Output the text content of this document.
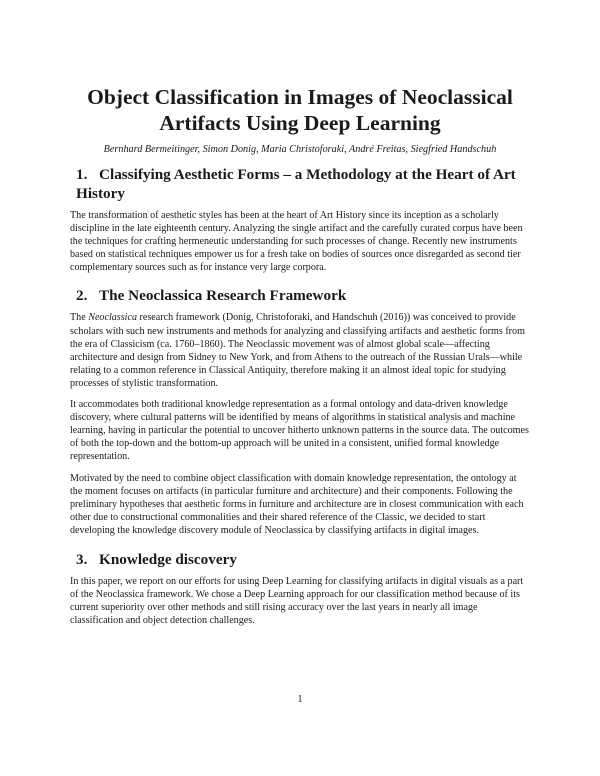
Object Classification in Images of Neoclassical Artifacts Using Deep Learning
Bernhard Bermeitinger, Simon Donig, Maria Christoforaki, André Freitas, Siegfried Handschuh
1. Classifying Aesthetic Forms – a Methodology at the Heart of Art History

The transformation of aesthetic styles has been at the heart of Art History since its inception as a scholarly discipline in the late eighteenth century. Analyzing the single artifact and the carefully curated corpus have been the techniques for crafting hermeneutic understanding for such processes of change. Recently new instruments based on statistical techniques empower us for a fresh take on bodies of sources once disregarded as second tier complementary sources such as for instance very large corpora.

2. The Neoclassica Research Framework

The Neoclassica research framework (Donig, Christoforaki, and Handschuh (2016)) was conceived to provide scholars with such new instruments and methods for analyzing and classifying artifacts and aesthetic forms from the era of Classicism (ca. 1760–1860). The Neoclassic movement was of almost global scale—affecting architecture and design from Sidney to New York, and from Athens to the outreach of the Russian Urals—while relating to a common reference in Classical Antiquity, therefore making it an almost ideal topic for studying processes of stylistic transformation.

It accommodates both traditional knowledge representation as a formal ontology and data-driven knowledge discovery, where cultural patterns will be identified by means of algorithms in statistical analysis and machine learning, having in particular the potential to uncover hitherto unknown patterns in the source data. The outcomes of both the top-down and the bottom-up approach will be united in a consistent, unified formal knowledge representation.

Motivated by the need to combine object classification with domain knowledge representation, the ontology at the moment focuses on artifacts (in particular furniture and architecture) and their components. Following the preliminary hypotheses that aesthetic forms in furniture and architecture are in closest communication with each other due to constructional commonalities and their shared reference of the Classic, we decided to start developing the knowledge discovery module of Neoclassica by classifying artifacts in digital images.

3. Knowledge discovery

In this paper, we report on our efforts for using Deep Learning for classifying artifacts in digital visuals as a part of the Neoclassica framework. We chose a Deep Learning approach for our classification method because of its current superiority over other methods and still rising accuracy over the last years in nearly all image classification and object detection challenges.

1
